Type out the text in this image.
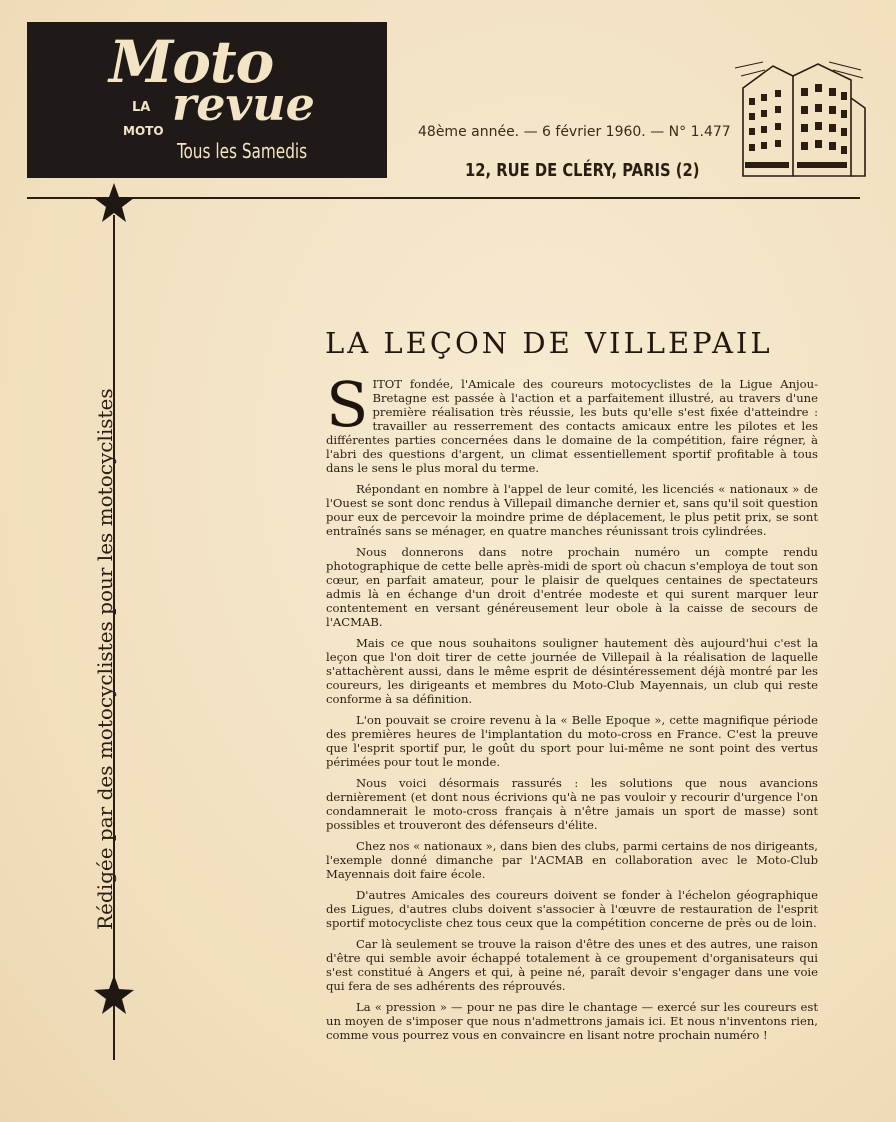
Moto
LA
MOTO revue
Tous les Samedis
48ème année. — 6 février 1960. — N° 1.477
12, RUE DE CLÉRY, PARIS (2)
Rédigée par des motocyclistes pour les motocyclistes
LA LEÇON DE VILLEPAIL

SITOT fondée, l'Amicale des coureurs motocyclistes de la Ligue Anjou-Bretagne est passée à l'action et a parfaitement illustré, au travers d'une première réalisation très réussie, les buts qu'elle s'est fixée d'atteindre : travailler au resserrement des contacts amicaux entre les pilotes et les différentes parties concernées dans le domaine de la compétition, faire régner, à l'abri des questions d'argent, un climat essentiellement sportif profitable à tous dans le sens le plus moral du terme.

Répondant en nombre à l'appel de leur comité, les licenciés « nationaux » de l'Ouest se sont donc rendus à Villepail dimanche dernier et, sans qu'il soit question pour eux de percevoir la moindre prime de déplacement, le plus petit prix, se sont entraînés sans se ménager, en quatre manches réunissant trois cylindrées.

Nous donnerons dans notre prochain numéro un compte rendu photographique de cette belle après-midi de sport où chacun s'employa de tout son cœur, en parfait amateur, pour le plaisir de quelques centaines de spectateurs admis là en échange d'un droit d'entrée modeste et qui surent marquer leur contentement en versant généreusement leur obole à la caisse de secours de l'ACMAB.

Mais ce que nous souhaitons souligner hautement dès aujourd'hui c'est la leçon que l'on doit tirer de cette journée de Villepail à la réalisation de laquelle s'attachèrent aussi, dans le même esprit de désintéressement déjà montré par les coureurs, les dirigeants et membres du Moto-Club Mayennais, un club qui reste conforme à sa définition.

L'on pouvait se croire revenu à la « Belle Epoque », cette magnifique période des premières heures de l'implantation du moto-cross en France. C'est la preuve que l'esprit sportif pur, le goût du sport pour lui-même ne sont point des vertus périmées pour tout le monde.

Nous voici désormais rassurés : les solutions que nous avancions dernièrement (et dont nous écrivions qu'à ne pas vouloir y recourir d'urgence l'on condamnerait le moto-cross français à n'être jamais un sport de masse) sont possibles et trouveront des défenseurs d'élite.

Chez nos « nationaux », dans bien des clubs, parmi certains de nos dirigeants, l'exemple donné dimanche par l'ACMAB en collaboration avec le Moto-Club Mayennais doit faire école.

D'autres Amicales des coureurs doivent se fonder à l'échelon géographique des Ligues, d'autres clubs doivent s'associer à l'œuvre de restauration de l'esprit sportif motocycliste chez tous ceux que la compétition concerne de près ou de loin.

Car là seulement se trouve la raison d'être des unes et des autres, une raison d'être qui semble avoir échappé totalement à ce groupement d'organisateurs qui s'est constitué à Angers et qui, à peine né, paraît devoir s'engager dans une voie qui fera de ses adhérents des réprouvés.

La « pression » — pour ne pas dire le chantage — exercé sur les coureurs est un moyen de s'imposer que nous n'admettrons jamais ici. Et nous n'inventons rien, comme vous pourrez vous en convaincre en lisant notre prochain numéro !
